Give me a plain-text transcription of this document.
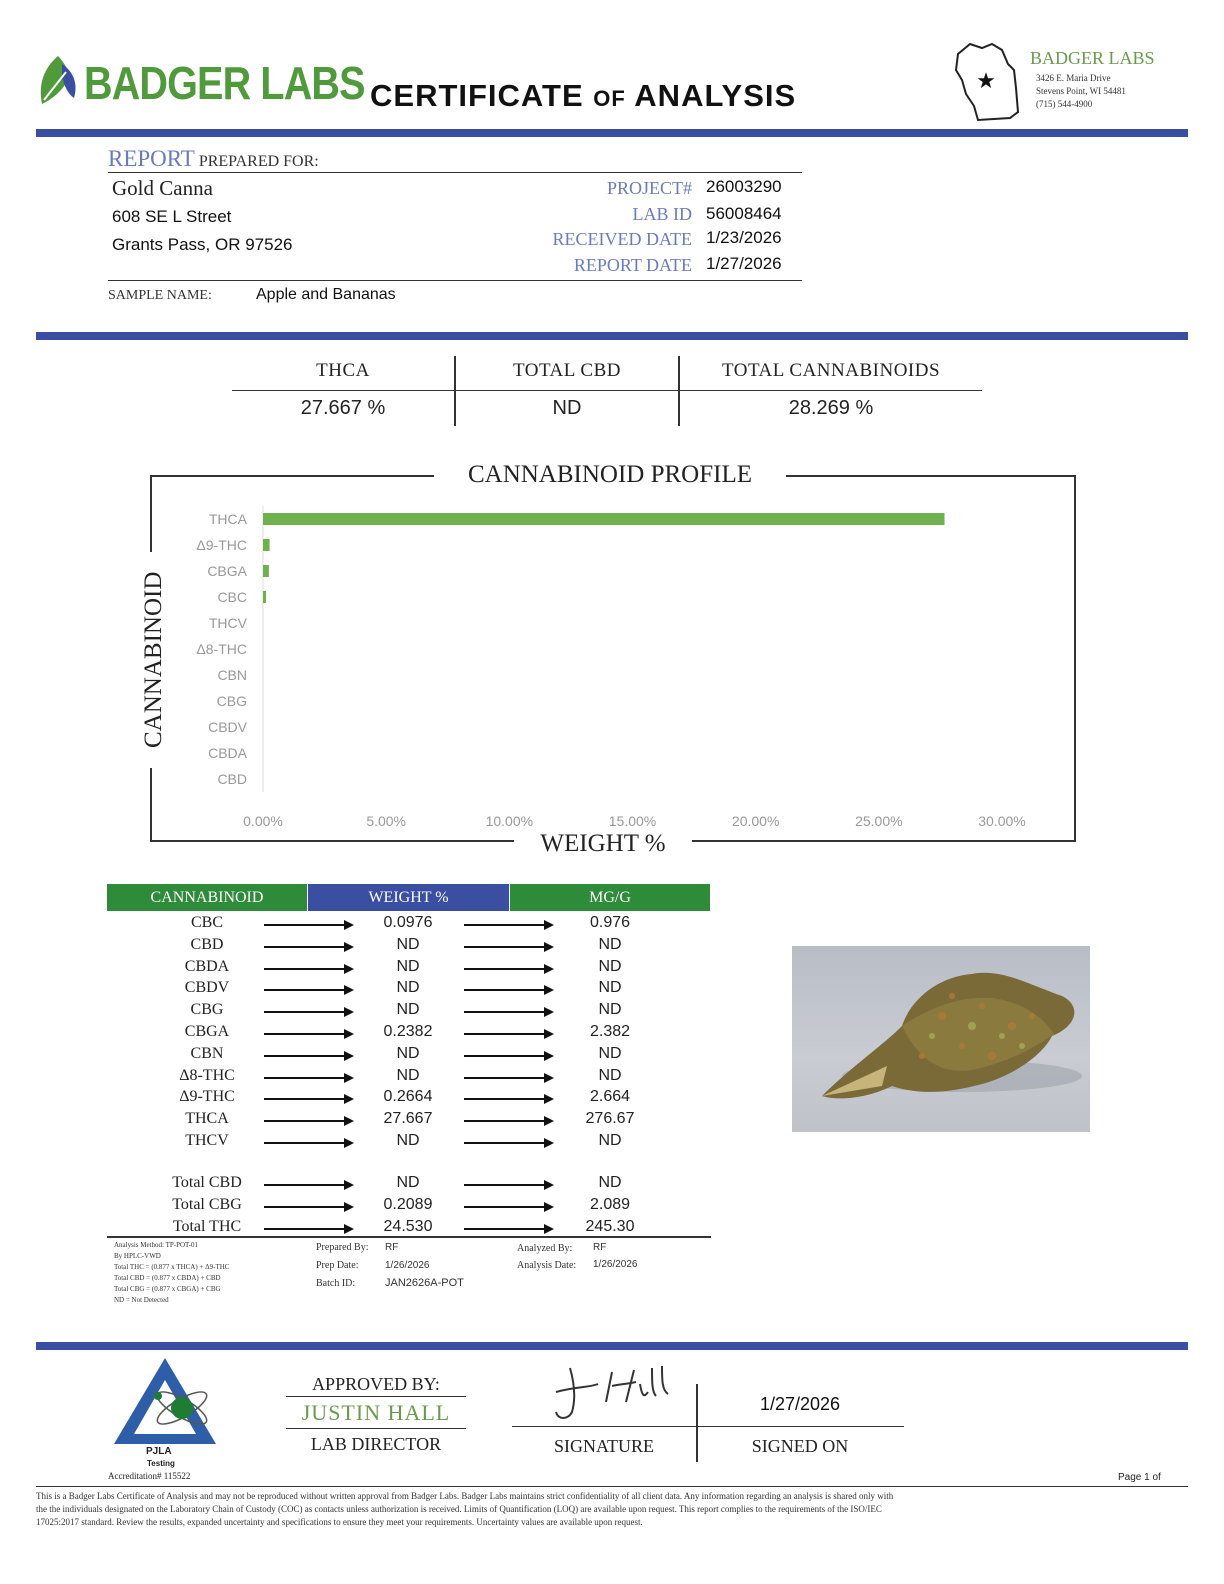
BADGER LABS CERTIFICATE OF ANALYSIS	★
BADGER LABS
3426 E. Maria Drive
Stevens Point, WI 54481
(715) 544-4900
REPORT PREPARED FOR:
Gold Canna
608 SE L Street
Grants Pass, OR 97526
PROJECT# 26003290
LAB ID 56008464
RECEIVED DATE 1/23/2026
REPORT DATE 1/27/2026
SAMPLE NAME:	Apple and Bananas
THCA
27.667 %
TOTAL CBD
ND
TOTAL CANNABINOIDS
28.269 %
CANNABINOID PROFILE
WEIGHT %
CANNABINOID
THCA
Δ9-THC
CBGA
CBC
THCV
Δ8-THC
CBN
CBG
CBDV
CBDA
CBD
0.00%	5.00%	10.00%	15.00%	20.00%	25.00%	30.00%
CANNABINOID	WEIGHT %	MG/G
CBC	0.0976	0.976
CBD	ND	ND
CBDA	ND	ND
CBDV	ND	ND
CBG	ND	ND
CBGA	0.2382	2.382
CBN	ND	ND
Δ8-THC	ND	ND
Δ9-THC	0.2664	2.664
THCA	27.667	276.67
THCV	ND	ND
Total CBD	ND	ND
Total CBG	0.2089	2.089
Total THC	24.530	245.30
Analysis Method: TP-POT-01
By HPLC-VWD
Total THC = (0.877 x THCA) + Δ9-THC
Total CBD = (0.877 x CBDA) + CBD
Total CBG = (0.877 x CBGA) + CBG
ND = Not Detected
Prepared By: RF
Prep Date:	1/26/2026
Batch ID:	JAN2626A-POT
Analyzed By: RF
Analysis Date: 1/26/2026
PJLA
Testing
Accreditation# 115522
APPROVED BY:
JUSTIN HALL
LAB DIRECTOR
1/27/2026
SIGNATURE	SIGNED ON
Page 1 of
This is a Badger Labs Certificate of Analysis and may not be reproduced without written approval from Badger Labs. Badger Labs maintains strict confidentiality of all client data. Any information regarding an analysis is shared only with
the the individuals designated on the Laboratory Chain of Custody (COC) as contacts unless authorization is received. Limits of Quantification (LOQ) are available upon request. This report complies to the requirements of the ISO/IEC
17025:2017 standard. Review the results, expanded uncertainty and specifications to ensure they meet your requirements. Uncertainty values are available upon request.
